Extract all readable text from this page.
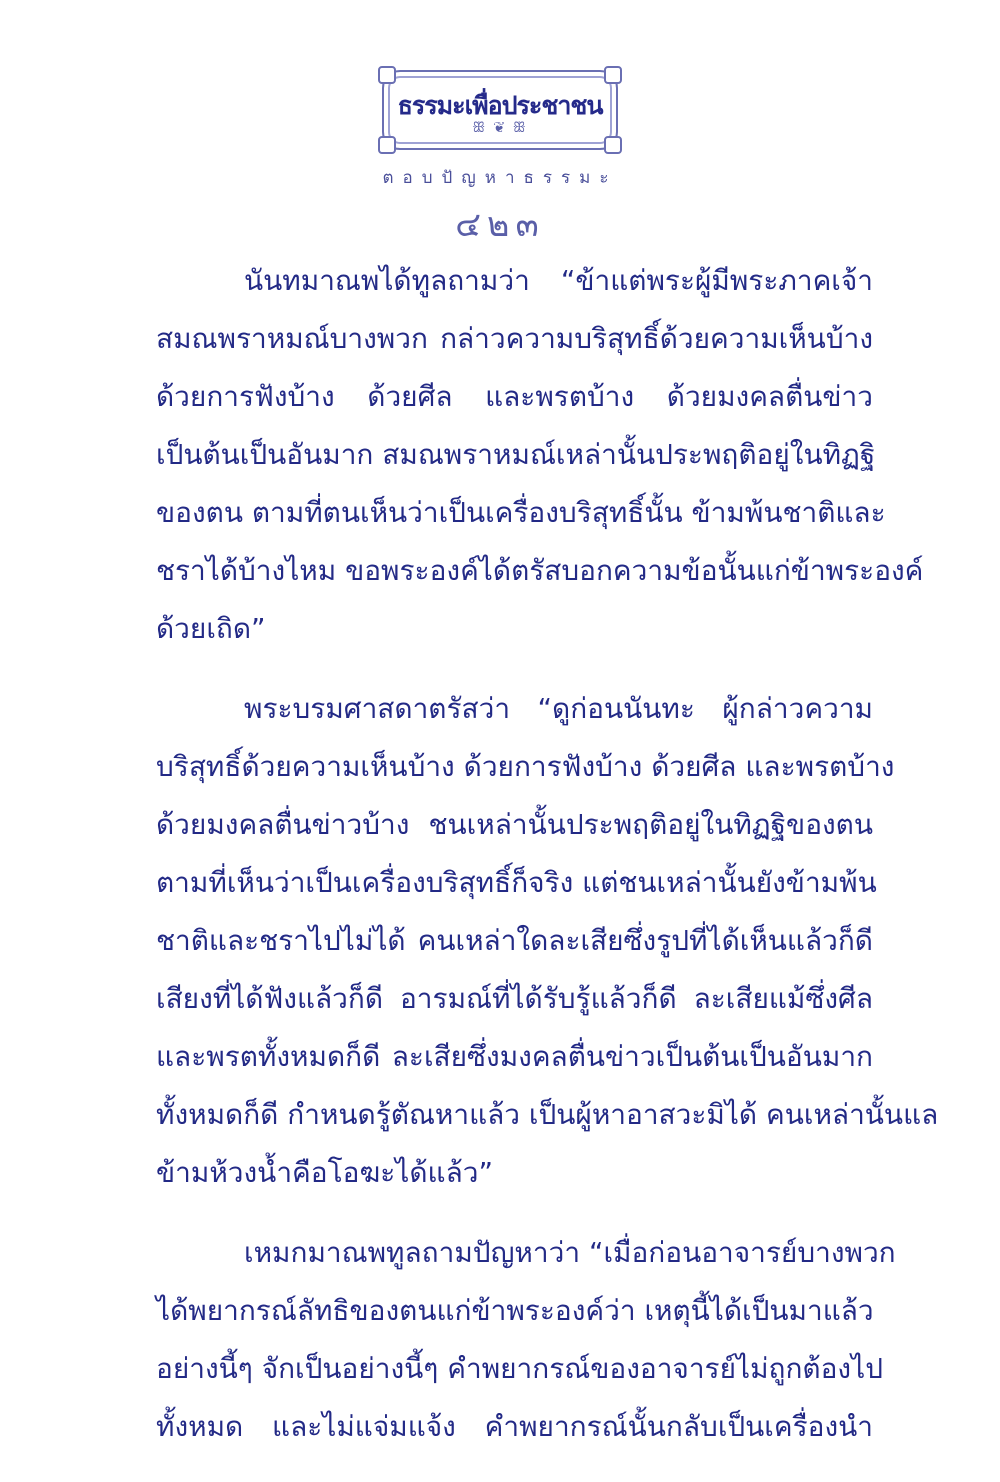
ธรรมะเพื่อประชาชน
ꕥ ❦ ꕥ
ตอบปัญหาธรรมะ
๔๒๓
นันทมาณพได้ทูลถามว่า “ข้าแต่พระผู้มีพระภาคเจ้า
สมณพราหมณ์บางพวก กล่าวความบริสุทธิ์ด้วยความเห็นบ้าง
ด้วยการฟังบ้าง ด้วยศีล และพรตบ้าง ด้วยมงคลตื่นข่าว
เป็นต้นเป็นอันมาก สมณพราหมณ์เหล่านั้นประพฤติอยู่ในทิฏฐิ
ของตน ตามที่ตนเห็นว่าเป็นเครื่องบริสุทธิ์นั้น ข้ามพ้นชาติและ
ชราได้บ้างไหม ขอพระองค์ได้ตรัสบอกความข้อนั้นแก่ข้าพระองค์
ด้วยเถิด”
พระบรมศาสดาตรัสว่า “ดูก่อนนันทะ ผู้กล่าวความ
บริสุทธิ์ด้วยความเห็นบ้าง ด้วยการฟังบ้าง ด้วยศีล และพรตบ้าง
ด้วยมงคลตื่นข่าวบ้าง ชนเหล่านั้นประพฤติอยู่ในทิฏฐิของตน
ตามที่เห็นว่าเป็นเครื่องบริสุทธิ์ก็จริง แต่ชนเหล่านั้นยังข้ามพ้น
ชาติและชราไปไม่ได้ คนเหล่าใดละเสียซึ่งรูปที่ได้เห็นแล้วก็ดี
เสียงที่ได้ฟังแล้วก็ดี อารมณ์ที่ได้รับรู้แล้วก็ดี ละเสียแม้ซึ่งศีล
และพรตทั้งหมดก็ดี ละเสียซึ่งมงคลตื่นข่าวเป็นต้นเป็นอันมาก
ทั้งหมดก็ดี กำหนดรู้ตัณหาแล้ว เป็นผู้หาอาสวะมิได้ คนเหล่านั้นแล
ข้ามห้วงน้ำคือโอฆะได้แล้ว”
เหมกมาณพทูลถามปัญหาว่า “เมื่อก่อนอาจารย์บางพวก
ได้พยากรณ์ลัทธิของตนแก่ข้าพระองค์ว่า เหตุนี้ได้เป็นมาแล้ว
อย่างนี้ๆ จักเป็นอย่างนี้ๆ คำพยากรณ์ของอาจารย์ไม่ถูกต้องไป
ทั้งหมด และไม่แจ่มแจ้ง คำพยากรณ์นั้นกลับเป็นเครื่องนำ
